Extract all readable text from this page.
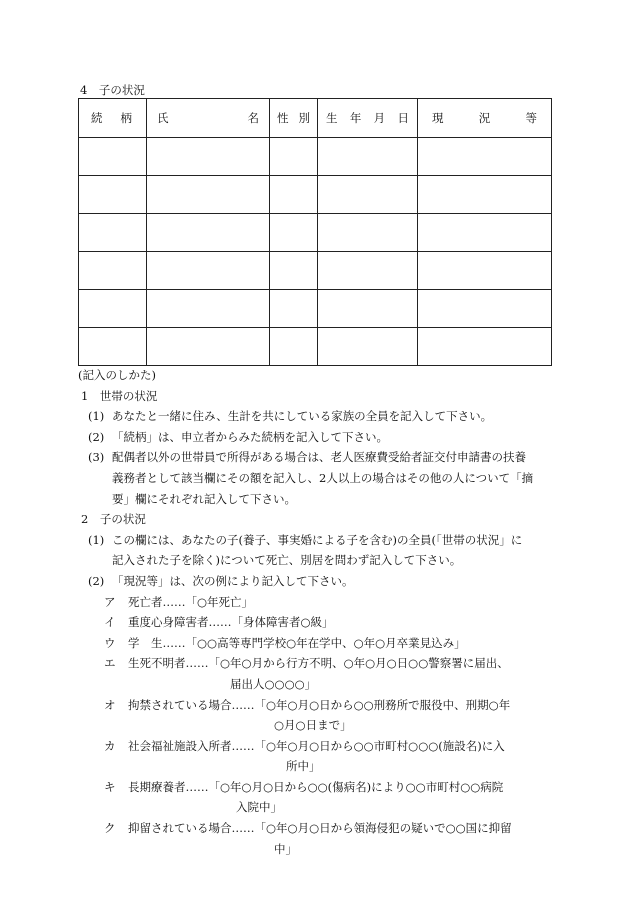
4　子の状況
続 柄	氏 名	性 別	生 年 月 日	現 況 等

(記入のしかた)
1　世帯の状況
(1) あなたと一緒に住み、生計を共にしている家族の全員を記入して下さい。
(2) 「続柄」は、申立者からみた続柄を記入して下さい。
(3) 配偶者以外の世帯員で所得がある場合は、老人医療費受給者証交付申請書の扶養
義務者として該当欄にその額を記入し、2人以上の場合はその他の人について「摘
要」欄にそれぞれ記入して下さい。
2　子の状況
(1) この欄には、あなたの子(養子、事実婚による子を含む)の全員(「世帯の状況」に
記入された子を除く)について死亡、別居を問わず記入して下さい。
(2) 「現況等」は、次の例により記入して下さい。
ア 死亡者……「○年死亡」
イ 重度心身障害者……「身体障害者○級」
ウ 学　生……「○○高等専門学校○年在学中、○年○月卒業見込み」
エ 生死不明者……「○年○月から行方不明、○年○月○日○○警察署に届出、
届出人○○○○」
オ 拘禁されている場合……「○年○月○日から○○刑務所で服役中、刑期○年
○月○日まで」
カ 社会福祉施設入所者……「○年○月○日から○○市町村○○○(施設名)に入
所中」
キ 長期療養者……「○年○月○日から○○(傷病名)により○○市町村○○病院
入院中」
ク 抑留されている場合……「○年○月○日から領海侵犯の疑いで○○国に抑留
中」
